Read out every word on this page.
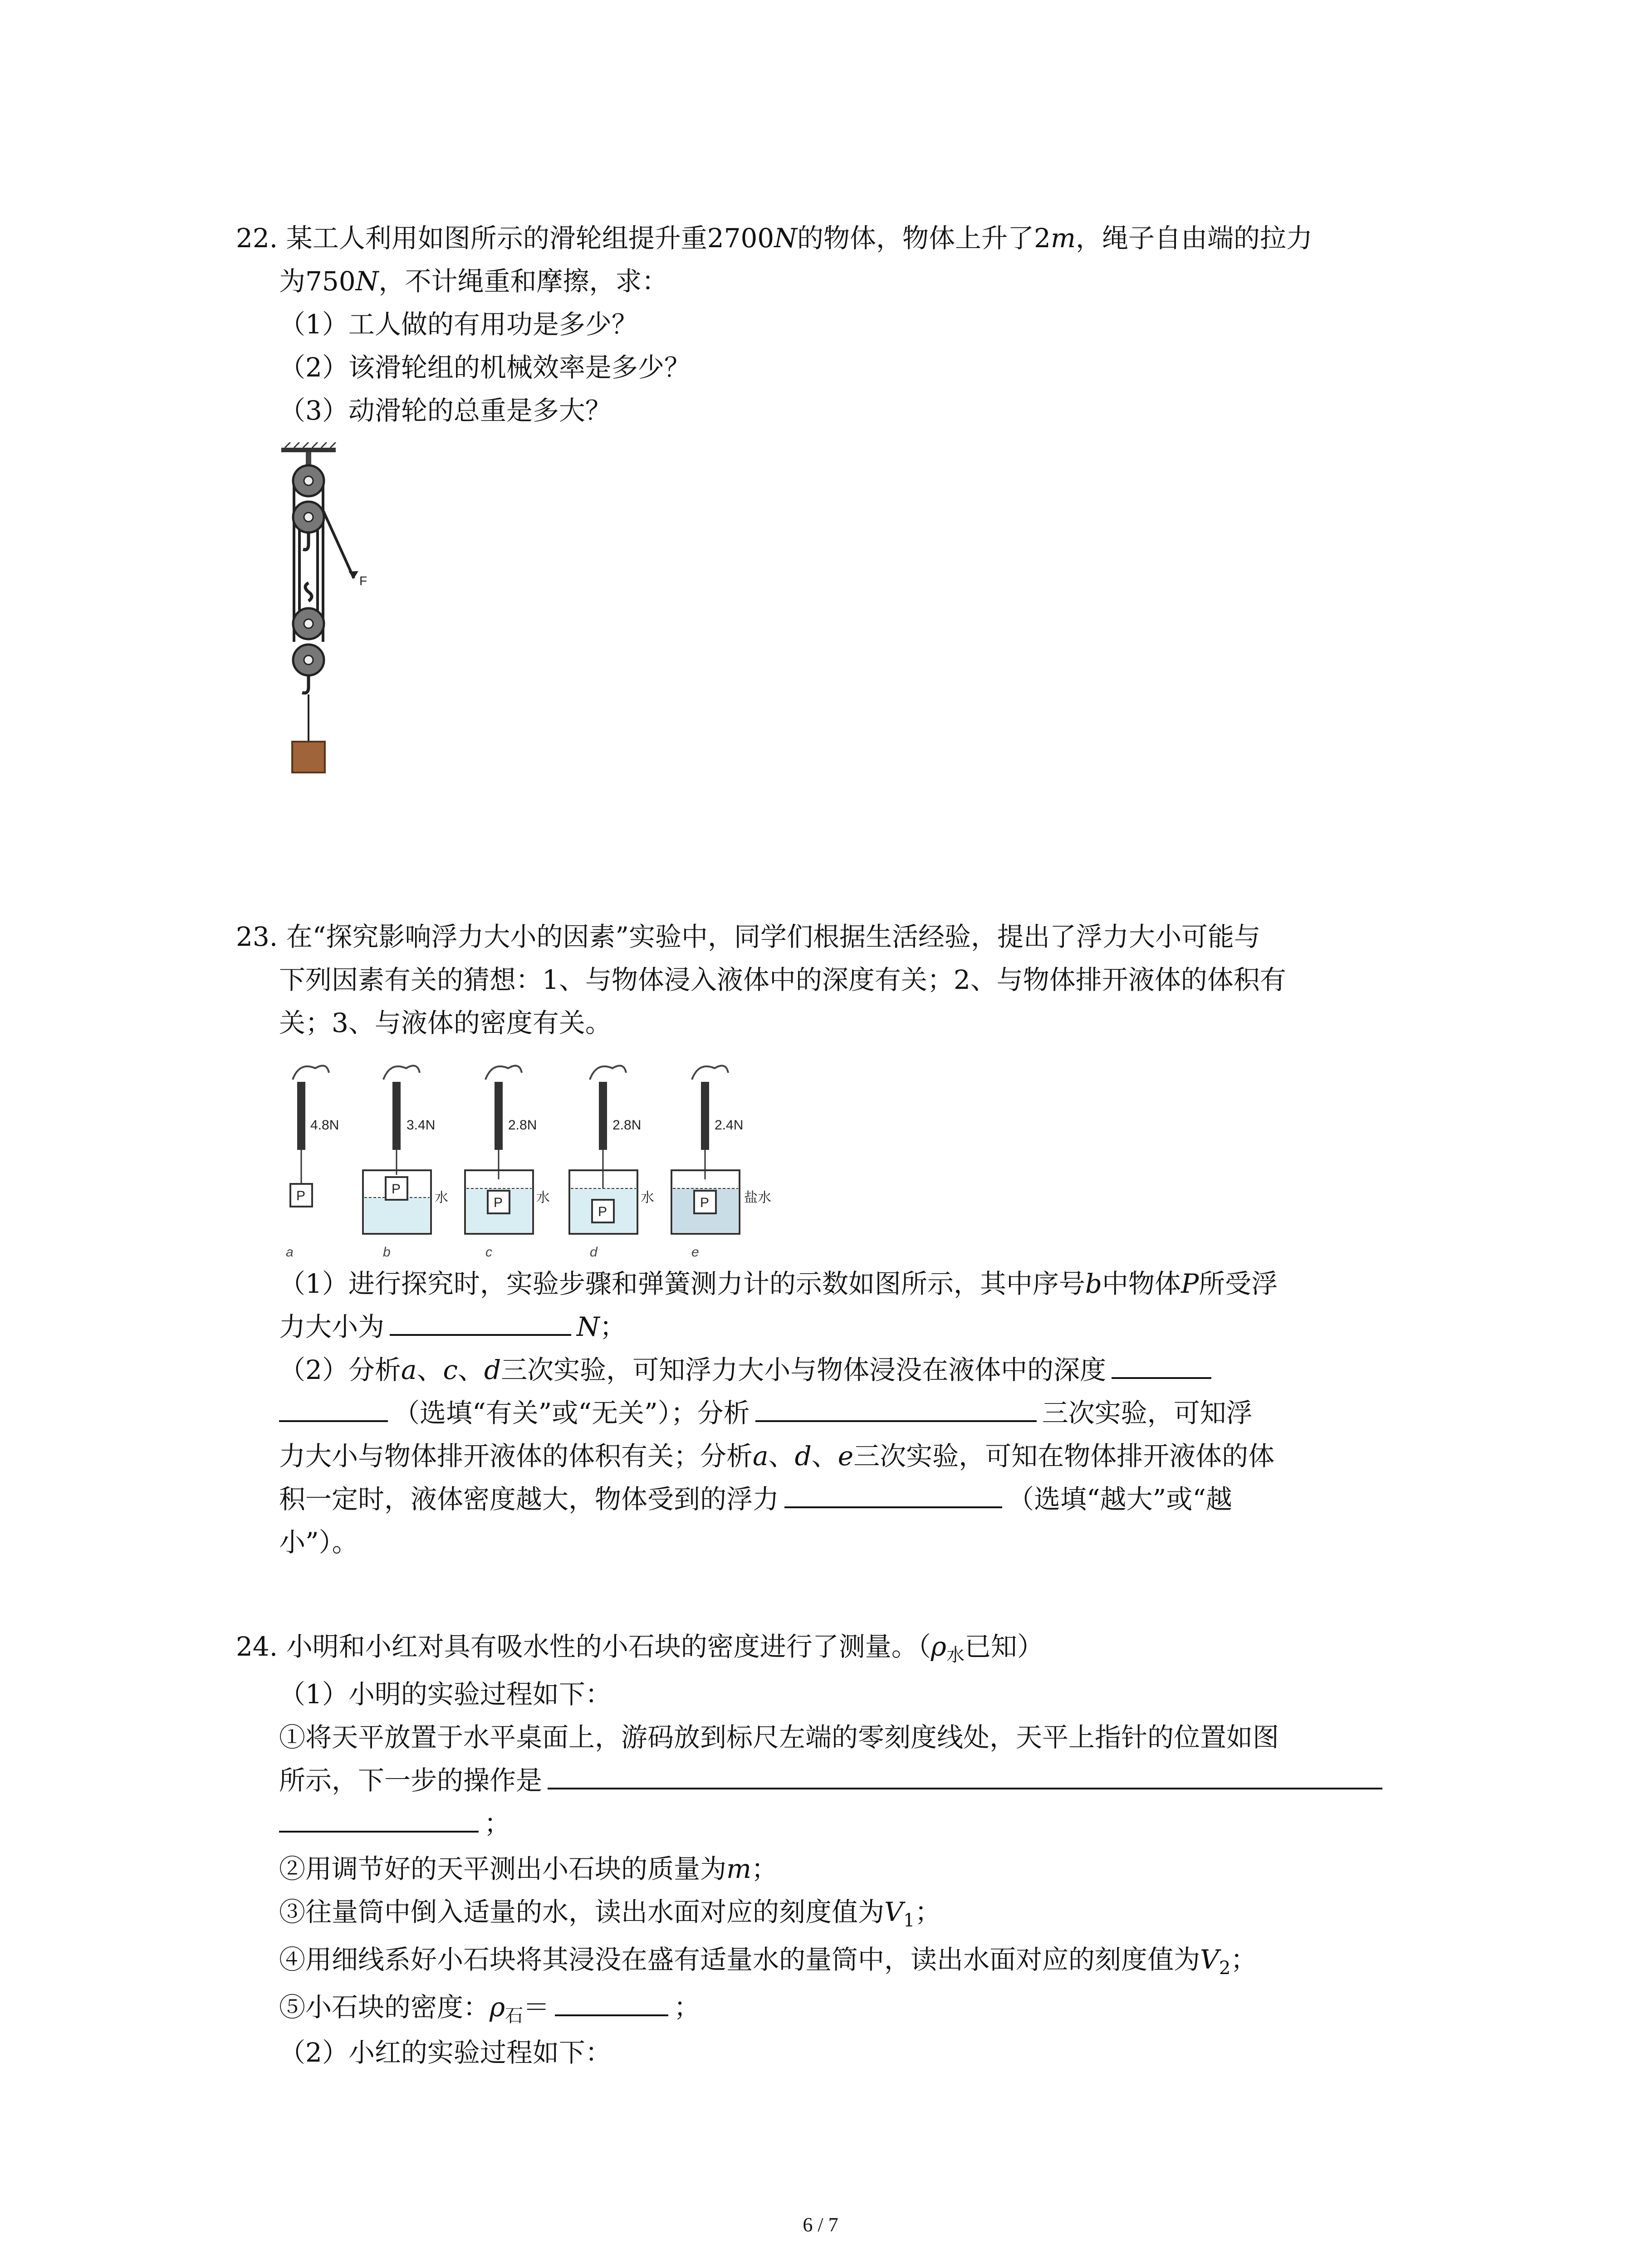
22. 某工人利用如图所示的滑轮组提升重2700N的物体，物体上升了2m，绳子自由端的拉力
为750N，不计绳重和摩擦，求：
（1）工人做的有用功是多少？
（2）该滑轮组的机械效率是多少？
（3）动滑轮的总重是多大？
F
23. 在“探究影响浮力大小的因素”实验中，同学们根据生活经验，提出了浮力大小可能与
下列因素有关的猜想：1、与物体浸入液体中的深度有关；2、与物体排开液体的体积有
关；3、与液体的密度有关。
4.8N
P
a
3.4N
P
水
b
2.8N
P 水
c
2.8N
P
水
d
2.4N
P	盐水
e
（1）进行探究时，实验步骤和弹簧测力计的示数如图所示，其中序号b中物体P所受浮
力大小为	N；
（2）分析a、c、d三次实验，可知浮力大小与物体浸没在液体中的深度
（选填“有关”或“无关”）；分析	三次实验，可知浮
力大小与物体排开液体的体积有关；分析a、d、e三次实验，可知在物体排开液体的体
积一定时，液体密度越大，物体受到的浮力	（选填“越大”或“越
小”）。
24. 小明和小红对具有吸水性的小石块的密度进行了测量。（$\rho_水$已知）
（1）小明的实验过程如下：
①将天平放置于水平桌面上，游码放到标尺左端的零刻度线处，天平上指针的位置如图
所示，下一步的操作是
；
②用调节好的天平测出小石块的质量为m；
③往量筒中倒入适量的水，读出水面对应的刻度值为$V_1$；
④用细线系好小石块将其浸没在盛有适量水的量筒中，读出水面对应的刻度值为$V_2$；
⑤小石块的密度：$\rho_石=$	；
（2）小红的实验过程如下：
6 / 7
